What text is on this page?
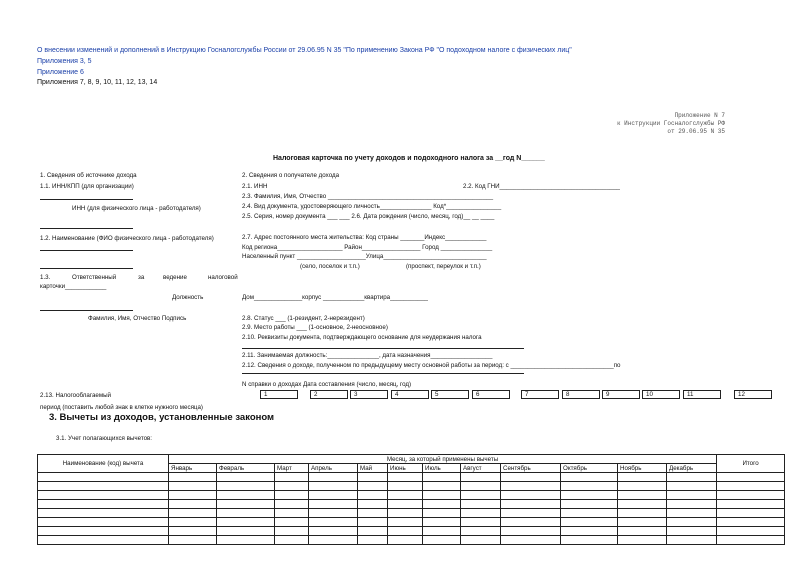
О внесении изменений и дополнений в Инструкцию Госналогслужбы России от 29.06.95 N 35 "По применению Закона РФ "О подоходном налоге с физических лиц"
Приложения 3, 5
Приложение 6
Приложения 7, 8, 9, 10, 11, 12, 13, 14
Приложение N 7
к Инструкции Госналогслужбы РФ
от 29.06.95 N 35
Налоговая карточка по учету доходов и подоходного налога за __год N______
1. Сведения об источнике дохода
1.1. ИНН/КПП (для организации)
ИНН (для физического лица - работодателя)
1.2. Наименование (ФИО физического лица - работодателя)
1.3.	Ответственный	за	ведение	налоговой
карточки____________
Должность
Фамилия, Имя, Отчество Подпись
2. Сведения о получателе дохода
2.1. ИНН	2.2. Код ГНИ___________________________________
2.3. Фамилия, Имя, Отчество ________________________________________________
2.4. Вид документа, удостоверяющего личность_______________ Код*________________
2.5. Серия, номер документа ___ ___ 2.6. Дата рождения (число, месяц, год)__ __ ____
2.7. Адрес постоянного места жительства: Код страны _______Индекс____________
Код региона___________________ Район_________________ Город _______________
Населенный пункт ____________________Улица______________________________
(село, поселок и т.п.)	(проспект, переулок и т.п.)
Дом______________корпус ____________квартира___________
2.8. Статус ___ (1-резидент, 2-нерезидент)
2.9. Место работы ___ (1-основное, 2-неосновное)
2.10. Реквизиты документа, подтверждающего основание для неудержания налога
2.11. Занимаемая должность:_______________, дата назначения__________________
2.12. Сведения о доходе, полученном по предыдущему месту основной работы за период: с ______________________________по
N справки о доходах Дата составления (число, месяц, год)
2.13. Налогооблагаемый
период (поставить любой знак в клетке нужного месяца)
1	2	3	4	5	6	7	8	9	10	11	12
3. Вычеты из доходов, установленные законом
3.1. Учет полагающихся вычетов:
Наименование (код) вычета	Месяц, за который применены вычеты												Итого
	Январь	Февраль	Март	Апрель	Май	Июнь	Июль	Август	Сентябрь	Октябрь	Ноябрь	Декабрь	
